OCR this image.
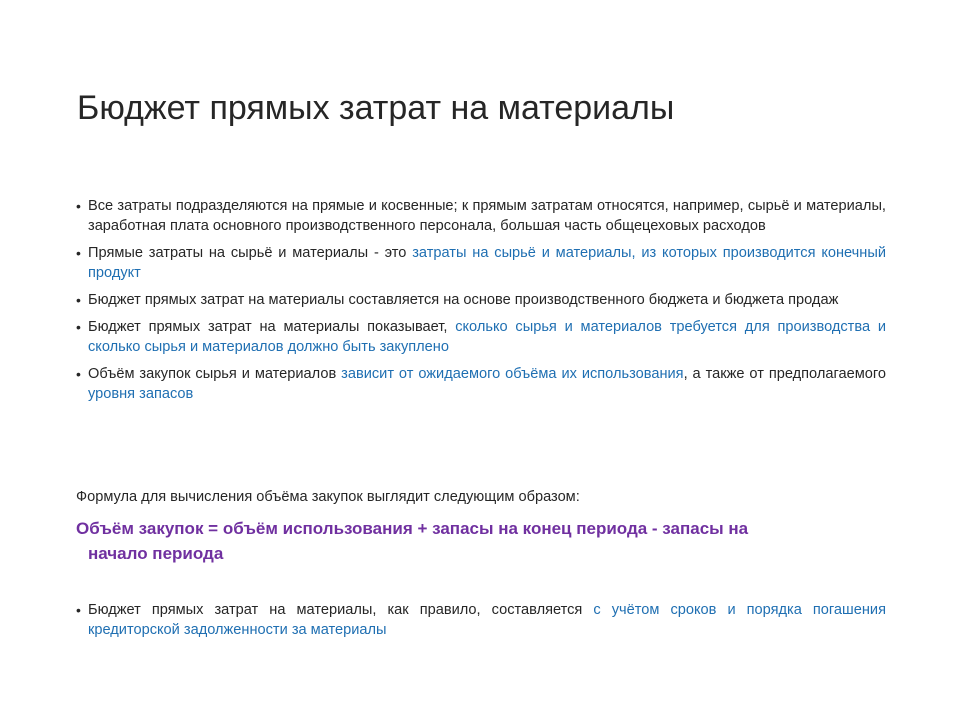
Бюджет прямых затрат на материалы
• Все затраты подразделяются на прямые и косвенные; к прямым затратам относятся, например, сырьё и материалы, заработная плата основного производственного персонала, большая часть общецеховых расходов
• Прямые затраты на сырьё и материалы - это затраты на сырьё и материалы, из которых производится конечный продукт
• Бюджет прямых затрат на материалы составляется на основе производственного бюджета и бюджета продаж
• Бюджет прямых затрат на материалы показывает, сколько сырья и материалов требуется для производства и сколько сырья и материалов должно быть закуплено
• Объём закупок сырья и материалов зависит от ожидаемого объёма их использования, а также от предполагаемого уровня запасов

Формула для вычисления объёма закупок выглядит следующим образом:

Объём закупок = объём использования + запасы на конец периода - запасы на
начало периода

• Бюджет прямых затрат на материалы, как правило, составляется с учётом сроков и порядка погашения кредиторской задолженности за материалы
